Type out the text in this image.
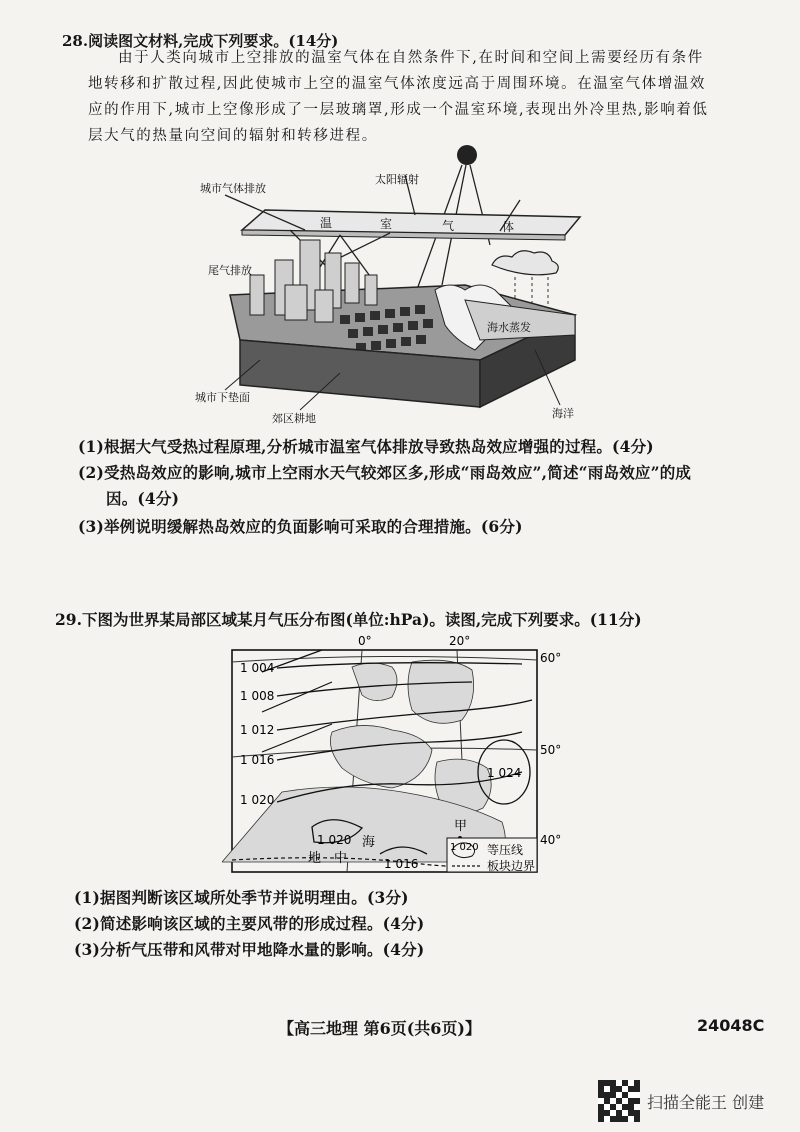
28.阅读图文材料,完成下列要求。(14分)
由于人类向城市上空排放的温室气体在自然条件下,在时间和空间上需要经历有条件
地转移和扩散过程,因此使城市上空的温室气体浓度远高于周围环境。在温室气体增温效
应的作用下,城市上空像形成了一层玻璃罩,形成一个温室环境,表现出外冷里热,影响着低
层大气的热量向空间的辐射和转移进程。
太阳辐射
城市气体排放
温	室	气	体
尾气排放
海水蒸发
城市下垫面
郊区耕地	海洋
(1)根据大气受热过程原理,分析城市温室气体排放导致热岛效应增强的过程。(4分)
(2)受热岛效应的影响,城市上空雨水天气较郊区多,形成“雨岛效应”,简述“雨岛效应”的成
因。(4分)
(3)举例说明缓解热岛效应的负面影响可采取的合理措施。(6分)
29.下图为世界某局部区域某月气压分布图(单位:hPa)。读图,完成下列要求。(11分)
0°	20°
60°
50°
40°
1 004
1 008
1 012
1 016
1 020
1 024
1 020
1 016
地 中
海
甲
1 020 等压线
板块边界
(1)据图判断该区域所处季节并说明理由。(3分)
(2)简述影响该区域的主要风带的形成过程。(4分)
(3)分析气压带和风带对甲地降水量的影响。(4分)
【高三地理 第6页(共6页)】	24048C
扫描全能王 创建
